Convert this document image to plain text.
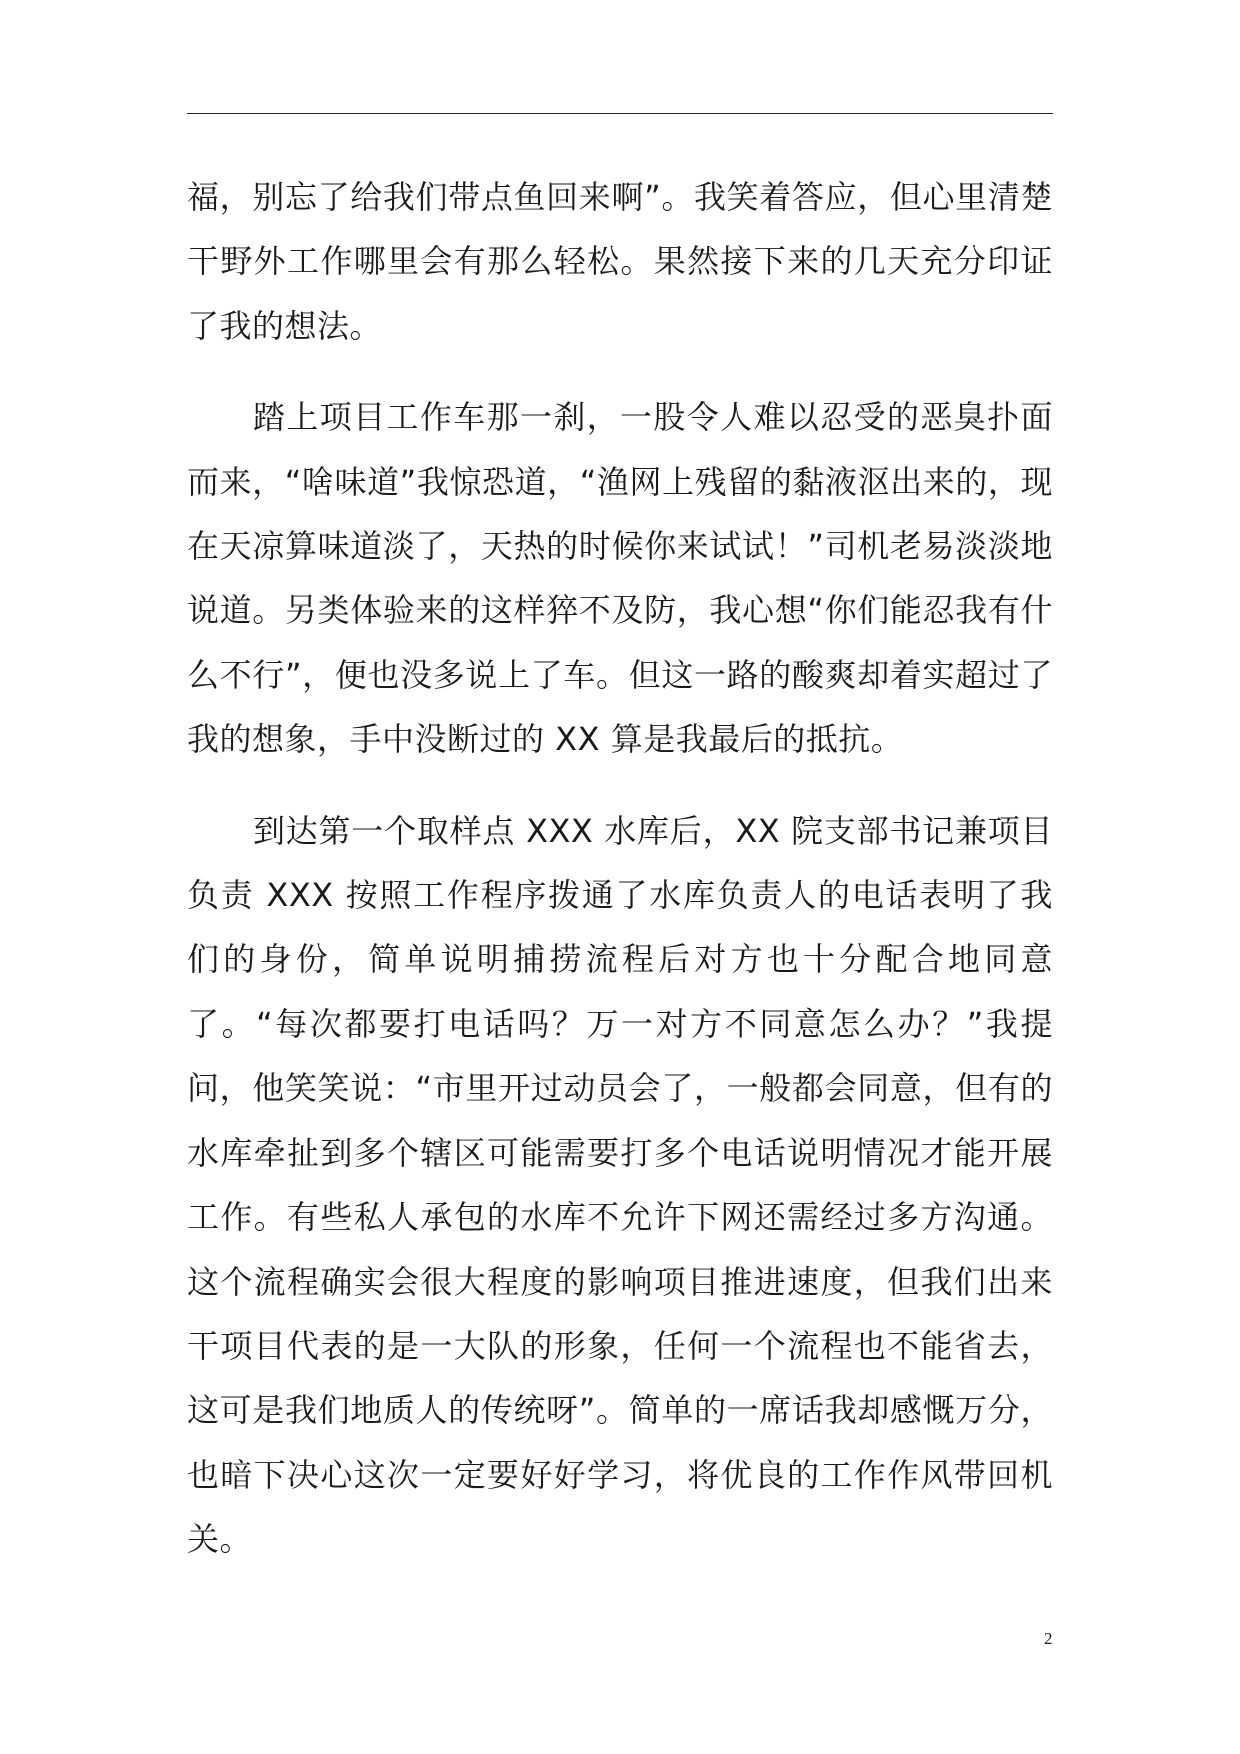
福，别忘了给我们带点鱼回来啊”。我笑着答应，但心里清楚干野外工作哪里会有那么轻松。果然接下来的几天充分印证了我的想法。

踏上项目工作车那一刹，一股令人难以忍受的恶臭扑面而来，“啥味道”我惊恐道，“渔网上残留的黏液沤出来的，现在天凉算味道淡了，天热的时候你来试试！”司机老易淡淡地说道。另类体验来的这样猝不及防，我心想“你们能忍我有什么不行”，便也没多说上了车。但这一路的酸爽却着实超过了我的想象，手中没断过的 XX 算是我最后的抵抗。

到达第一个取样点 XXX 水库后，XX 院支部书记兼项目负责 XXX 按照工作程序拨通了水库负责人的电话表明了我们的身份，简单说明捕捞流程后对方也十分配合地同意了。“每次都要打电话吗？万一对方不同意怎么办？”我提问，他笑笑说：“市里开过动员会了，一般都会同意，但有的水库牵扯到多个辖区可能需要打多个电话说明情况才能开展工作。有些私人承包的水库不允许下网还需经过多方沟通。这个流程确实会很大程度的影响项目推进速度，但我们出来干项目代表的是一大队的形象，任何一个流程也不能省去，这可是我们地质人的传统呀”。简单的一席话我却感慨万分，也暗下决心这次一定要好好学习，将优良的工作作风带回机关。

2
